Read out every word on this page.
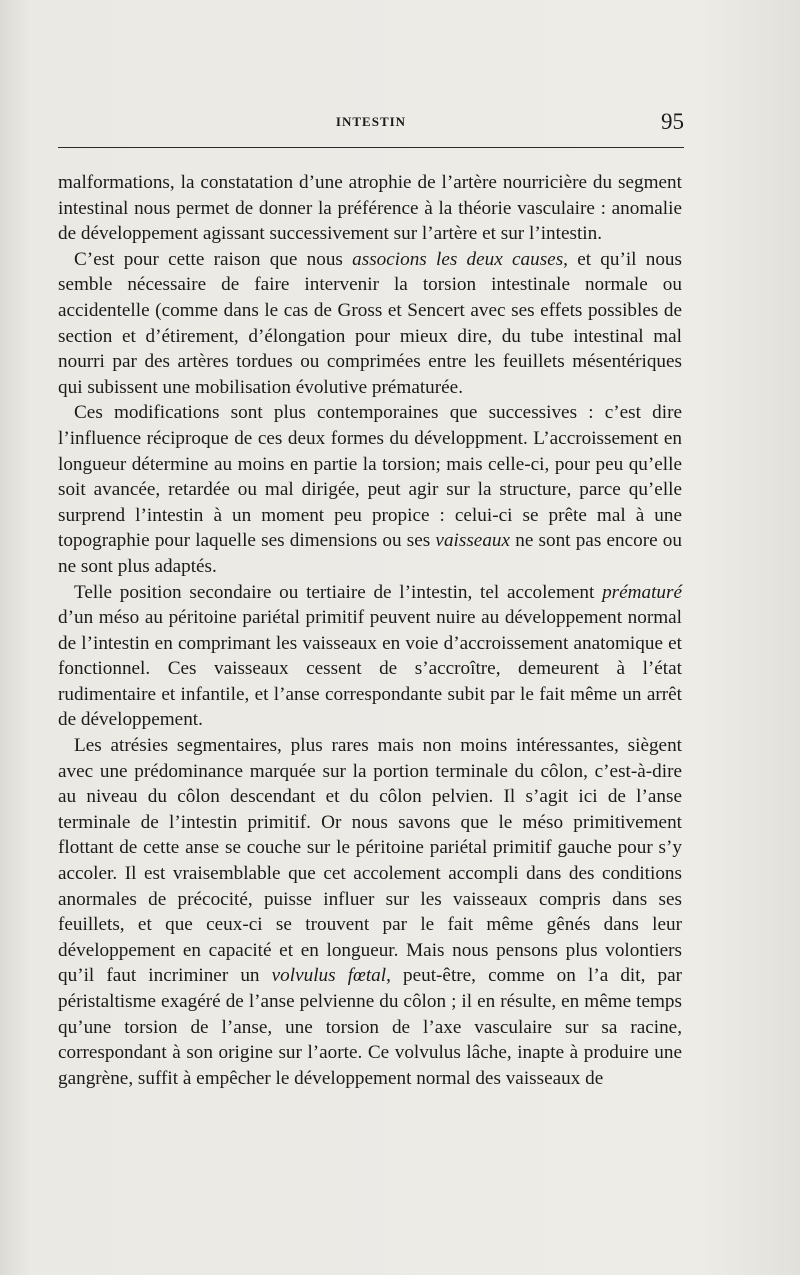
INTESTIN	95

malformations, la constatation d’une atrophie de l’artère nourricière du segment intestinal nous permet de donner la préférence à la théorie vasculaire : anomalie de développement agissant successivement sur l’artère et sur l’intestin.

C’est pour cette raison que nous associons les deux causes, et qu’il nous semble nécessaire de faire intervenir la torsion intestinale normale ou accidentelle (comme dans le cas de Gross et Sencert avec ses effets possibles de section et d’étirement, d’élongation pour mieux dire, du tube intestinal mal nourri par des artères tordues ou comprimées entre les feuillets mésentériques qui subissent une mobilisation évolutive prématurée.

Ces modifications sont plus contemporaines que successives : c’est dire l’influence réciproque de ces deux formes du développment. L’accroissement en longueur détermine au moins en partie la torsion; mais celle-ci, pour peu qu’elle soit avancée, retardée ou mal dirigée, peut agir sur la structure, parce qu’elle surprend l’intestin à un moment peu propice : celui-ci se prête mal à une topographie pour laquelle ses dimensions ou ses vaisseaux ne sont pas encore ou ne sont plus adaptés.

Telle position secondaire ou tertiaire de l’intestin, tel accolement prématuré d’un méso au péritoine pariétal primitif peuvent nuire au développement normal de l’intestin en comprimant les vaisseaux en voie d’accroissement anatomique et fonctionnel. Ces vaisseaux cessent de s’accroître, demeurent à l’état rudimentaire et infantile, et l’anse correspondante subit par le fait même un arrêt de développement.

Les atrésies segmentaires, plus rares mais non moins intéressantes, siègent avec une prédominance marquée sur la portion terminale du côlon, c’est-à-dire au niveau du côlon descendant et du côlon pelvien. Il s’agit ici de l’anse terminale de l’intestin primitif. Or nous savons que le méso primitivement flottant de cette anse se couche sur le péritoine pariétal primitif gauche pour s’y accoler. Il est vraisemblable que cet accolement accompli dans des conditions anormales de précocité, puisse influer sur les vaisseaux compris dans ses feuillets, et que ceux-ci se trouvent par le fait même gênés dans leur développement en capacité et en longueur. Mais nous pensons plus volontiers qu’il faut incriminer un volvulus fœtal, peut-être, comme on l’a dit, par péristaltisme exagéré de l’anse pelvienne du côlon ; il en résulte, en même temps qu’une torsion de l’anse, une torsion de l’axe vasculaire sur sa racine, correspondant à son origine sur l’aorte. Ce volvulus lâche, inapte à produire une gangrène, suffit à empêcher le développement normal des vaisseaux de
